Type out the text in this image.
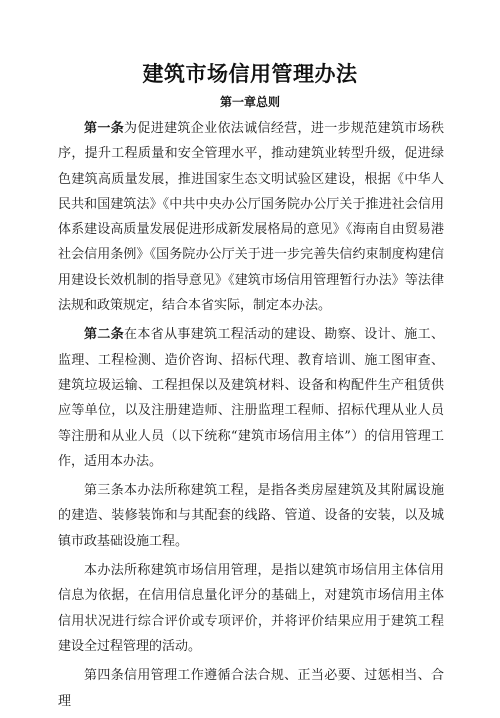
建筑市场信用管理办法
第一章总则

第一条为促进建筑企业依法诚信经营，进一步规范建筑市场秩序，提升工程质量和安全管理水平，推动建筑业转型升级，促进绿色建筑高质量发展，推进国家生态文明试验区建设，根据《中华人民共和国建筑法》《中共中央办公厅国务院办公厅关于推进社会信用体系建设高质量发展促进形成新发展格局的意见》《海南自由贸易港社会信用条例》《国务院办公厅关于进一步完善失信约束制度构建信用建设长效机制的指导意见》《建筑市场信用管理暂行办法》等法律法规和政策规定，结合本省实际，制定本办法。

第二条在本省从事建筑工程活动的建设、勘察、设计、施工、监理、工程检测、造价咨询、招标代理、教育培训、施工图审查、建筑垃圾运输、工程担保以及建筑材料、设备和构配件生产租赁供应等单位，以及注册建造师、注册监理工程师、招标代理从业人员等注册和从业人员（以下统称“建筑市场信用主体”）的信用管理工作，适用本办法。

第三条本办法所称建筑工程，是指各类房屋建筑及其附属设施的建造、装修装饰和与其配套的线路、管道、设备的安装，以及城镇市政基础设施工程。

本办法所称建筑市场信用管理，是指以建筑市场信用主体信用信息为依据，在信用信息量化评分的基础上，对建筑市场信用主体信用状况进行综合评价或专项评价，并将评价结果应用于建筑工程建设全过程管理的活动。

第四条信用管理工作遵循合法合规、正当必要、过惩相当、合理
